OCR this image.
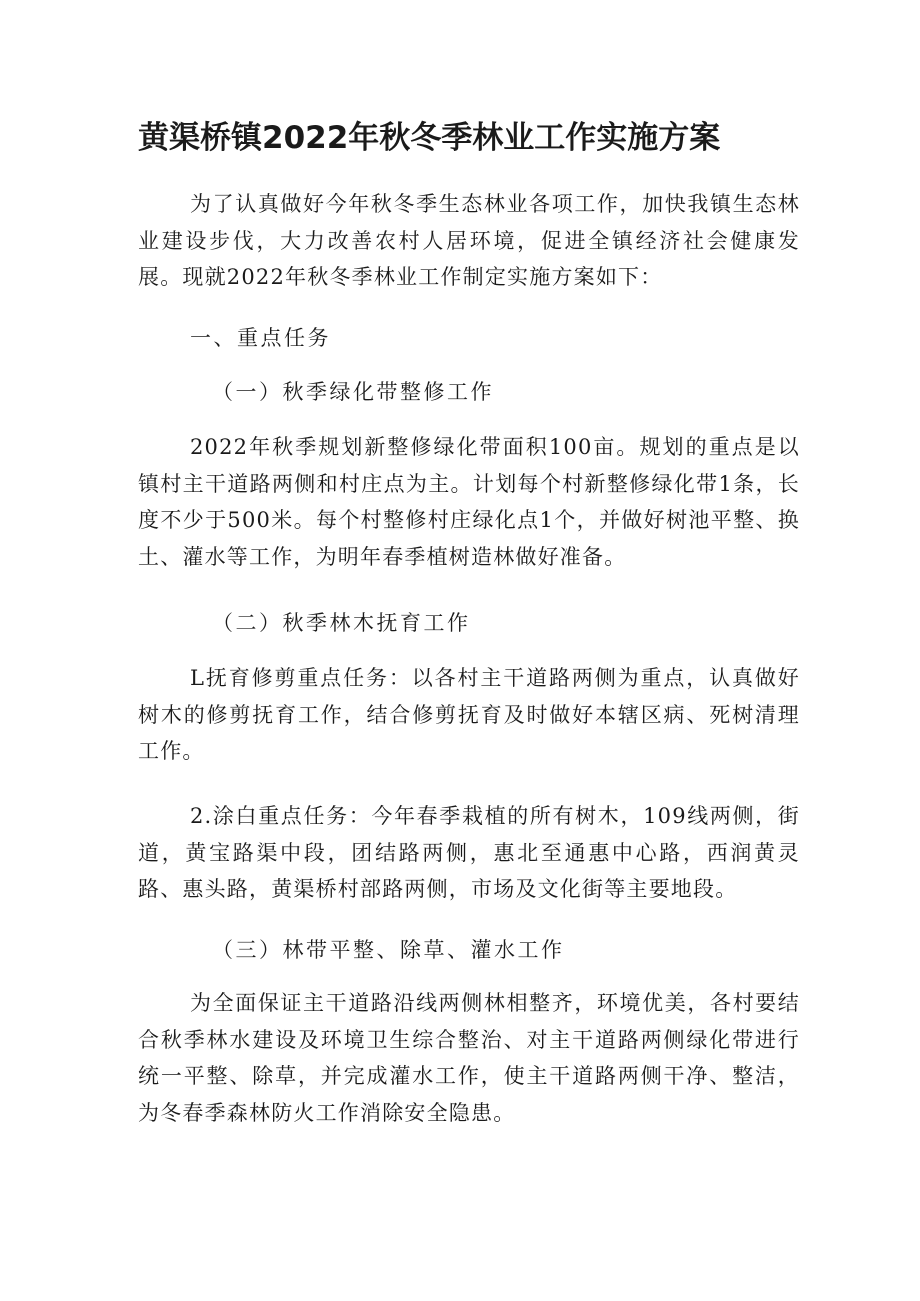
黄渠桥镇2022年秋冬季林业工作实施方案

为了认真做好今年秋冬季生态林业各项工作，加快我镇生态林业建设步伐，大力改善农村人居环境，促进全镇经济社会健康发展。现就2022年秋冬季林业工作制定实施方案如下：

一、重点任务

（一）秋季绿化带整修工作

2022年秋季规划新整修绿化带面积100亩。规划的重点是以镇村主干道路两侧和村庄点为主。计划每个村新整修绿化带1条，长度不少于500米。每个村整修村庄绿化点1个，并做好树池平整、换土、灌水等工作，为明年春季植树造林做好准备。

（二）秋季林木抚育工作

L抚育修剪重点任务：以各村主干道路两侧为重点，认真做好树木的修剪抚育工作，结合修剪抚育及时做好本辖区病、死树清理工作。

2.涂白重点任务：今年春季栽植的所有树木，109线两侧，街道，黄宝路渠中段，团结路两侧，惠北至通惠中心路，西润黄灵路、惠头路，黄渠桥村部路两侧，市场及文化街等主要地段。

（三）林带平整、除草、灌水工作

为全面保证主干道路沿线两侧林相整齐，环境优美，各村要结合秋季林水建设及环境卫生综合整治、对主干道路两侧绿化带进行统一平整、除草，并完成灌水工作，使主干道路两侧干净、整洁，为冬春季森林防火工作消除安全隐患。
